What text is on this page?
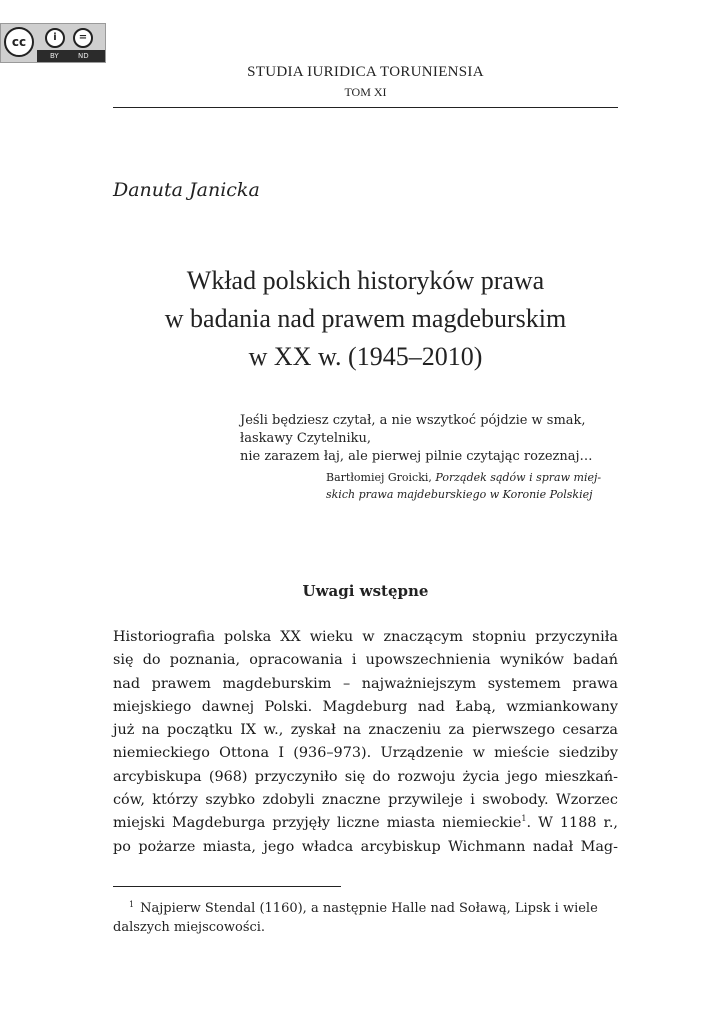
cc	i	=
BY	ND
STUDIA IURIDICA TORUNIENSIA
TOM XI
Danuta Janicka
Wkład polskich historyków prawa
w badania nad prawem magdeburskim
w XX w. (1945–2010)
Jeśli będziesz czytał, a nie wszytkoć pójdzie w smak,
łaskawy Czytelniku,
nie zarazem łaj, ale pierwej pilnie czytając rozeznaj…
Bartłomiej Groicki, Porządek sądów i spraw miej-
skich prawa majdeburskiego w Koronie Polskiej
Uwagi wstępne
Historiografia polska XX wieku w znaczącym stopniu przyczyniła
się do poznania, opracowania i upowszechnienia wyników badań
nad prawem magdeburskim – najważniejszym systemem prawa
miejskiego dawnej Polski. Magdeburg nad Łabą, wzmiankowany
już na początku IX w., zyskał na znaczeniu za pierwszego cesarza
niemieckiego Ottona I (936–973). Urządzenie w mieście siedziby
arcybiskupa (968) przyczyniło się do rozwoju życia jego mieszkań-
ców, którzy szybko zdobyli znaczne przywileje i swobody. Wzorzec
miejski Magdeburga przyjęły liczne miasta niemieckie$^1$. W 1188 r.,
po pożarze miasta, jego władca arcybiskup Wichmann nadał Mag-
$^1$ Najpierw Stendal (1160), a następnie Halle nad Soławą, Lipsk i wiele
dalszych miejscowości.
